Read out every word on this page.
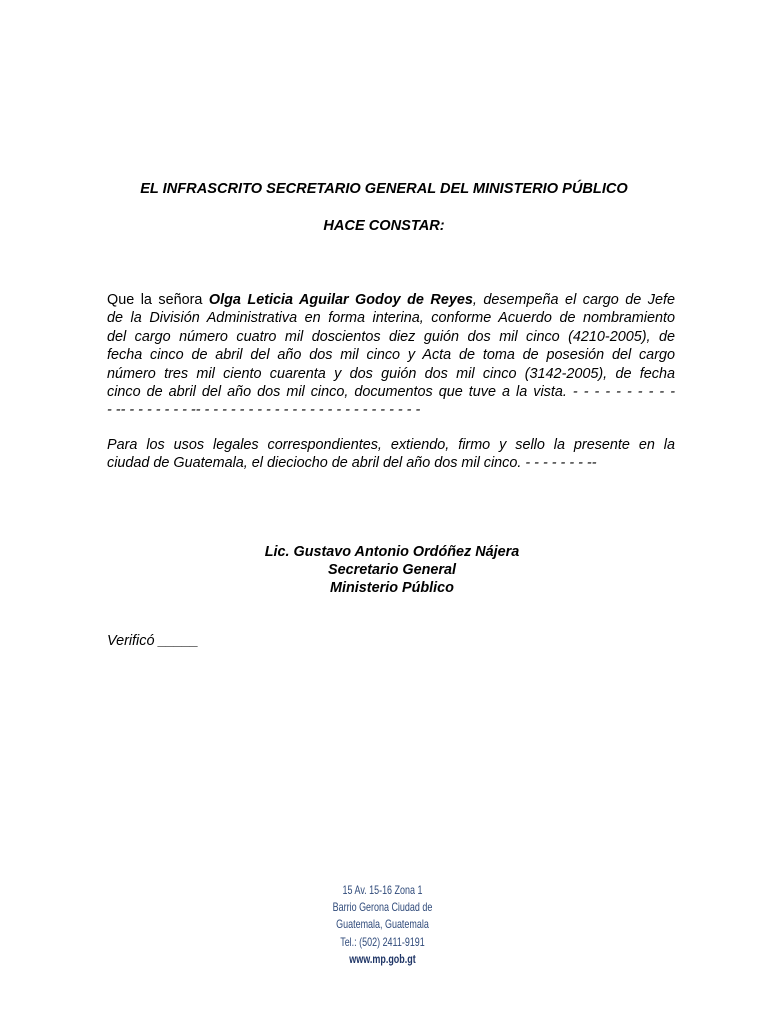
EL INFRASCRITO SECRETARIO GENERAL DEL MINISTERIO PÚBLICO
HACE CONSTAR:
Que la señora Olga Leticia Aguilar Godoy de Reyes, desempeña el cargo de Jefe
de la División Administrativa en forma interina, conforme Acuerdo de nombramiento
del cargo número cuatro mil doscientos diez guión dos mil cinco (4210-2005), de
fecha cinco de abril del año dos mil cinco y Acta de toma de posesión del cargo
número tres mil ciento cuarenta y dos guión dos mil cinco (3142-2005), de fecha
cinco de abril del año dos mil cinco, documentos que tuve a la vista. - - - - - - - - - -
- -- - - - - - - - -- - - - - - - - - - - - - - - - - - - - - - - - - -
Para los usos legales correspondientes, extiendo, firmo y sello la presente en la
ciudad de Guatemala, el dieciocho de abril del año dos mil cinco. - - - - - - - --
Lic. Gustavo Antonio Ordóñez Nájera
Secretario General
Ministerio Público
Verificó _____
15 Av. 15-16 Zona 1
Barrio Gerona Ciudad de
Guatemala, Guatemala
Tel.: (502) 2411-9191
www.mp.gob.gt
